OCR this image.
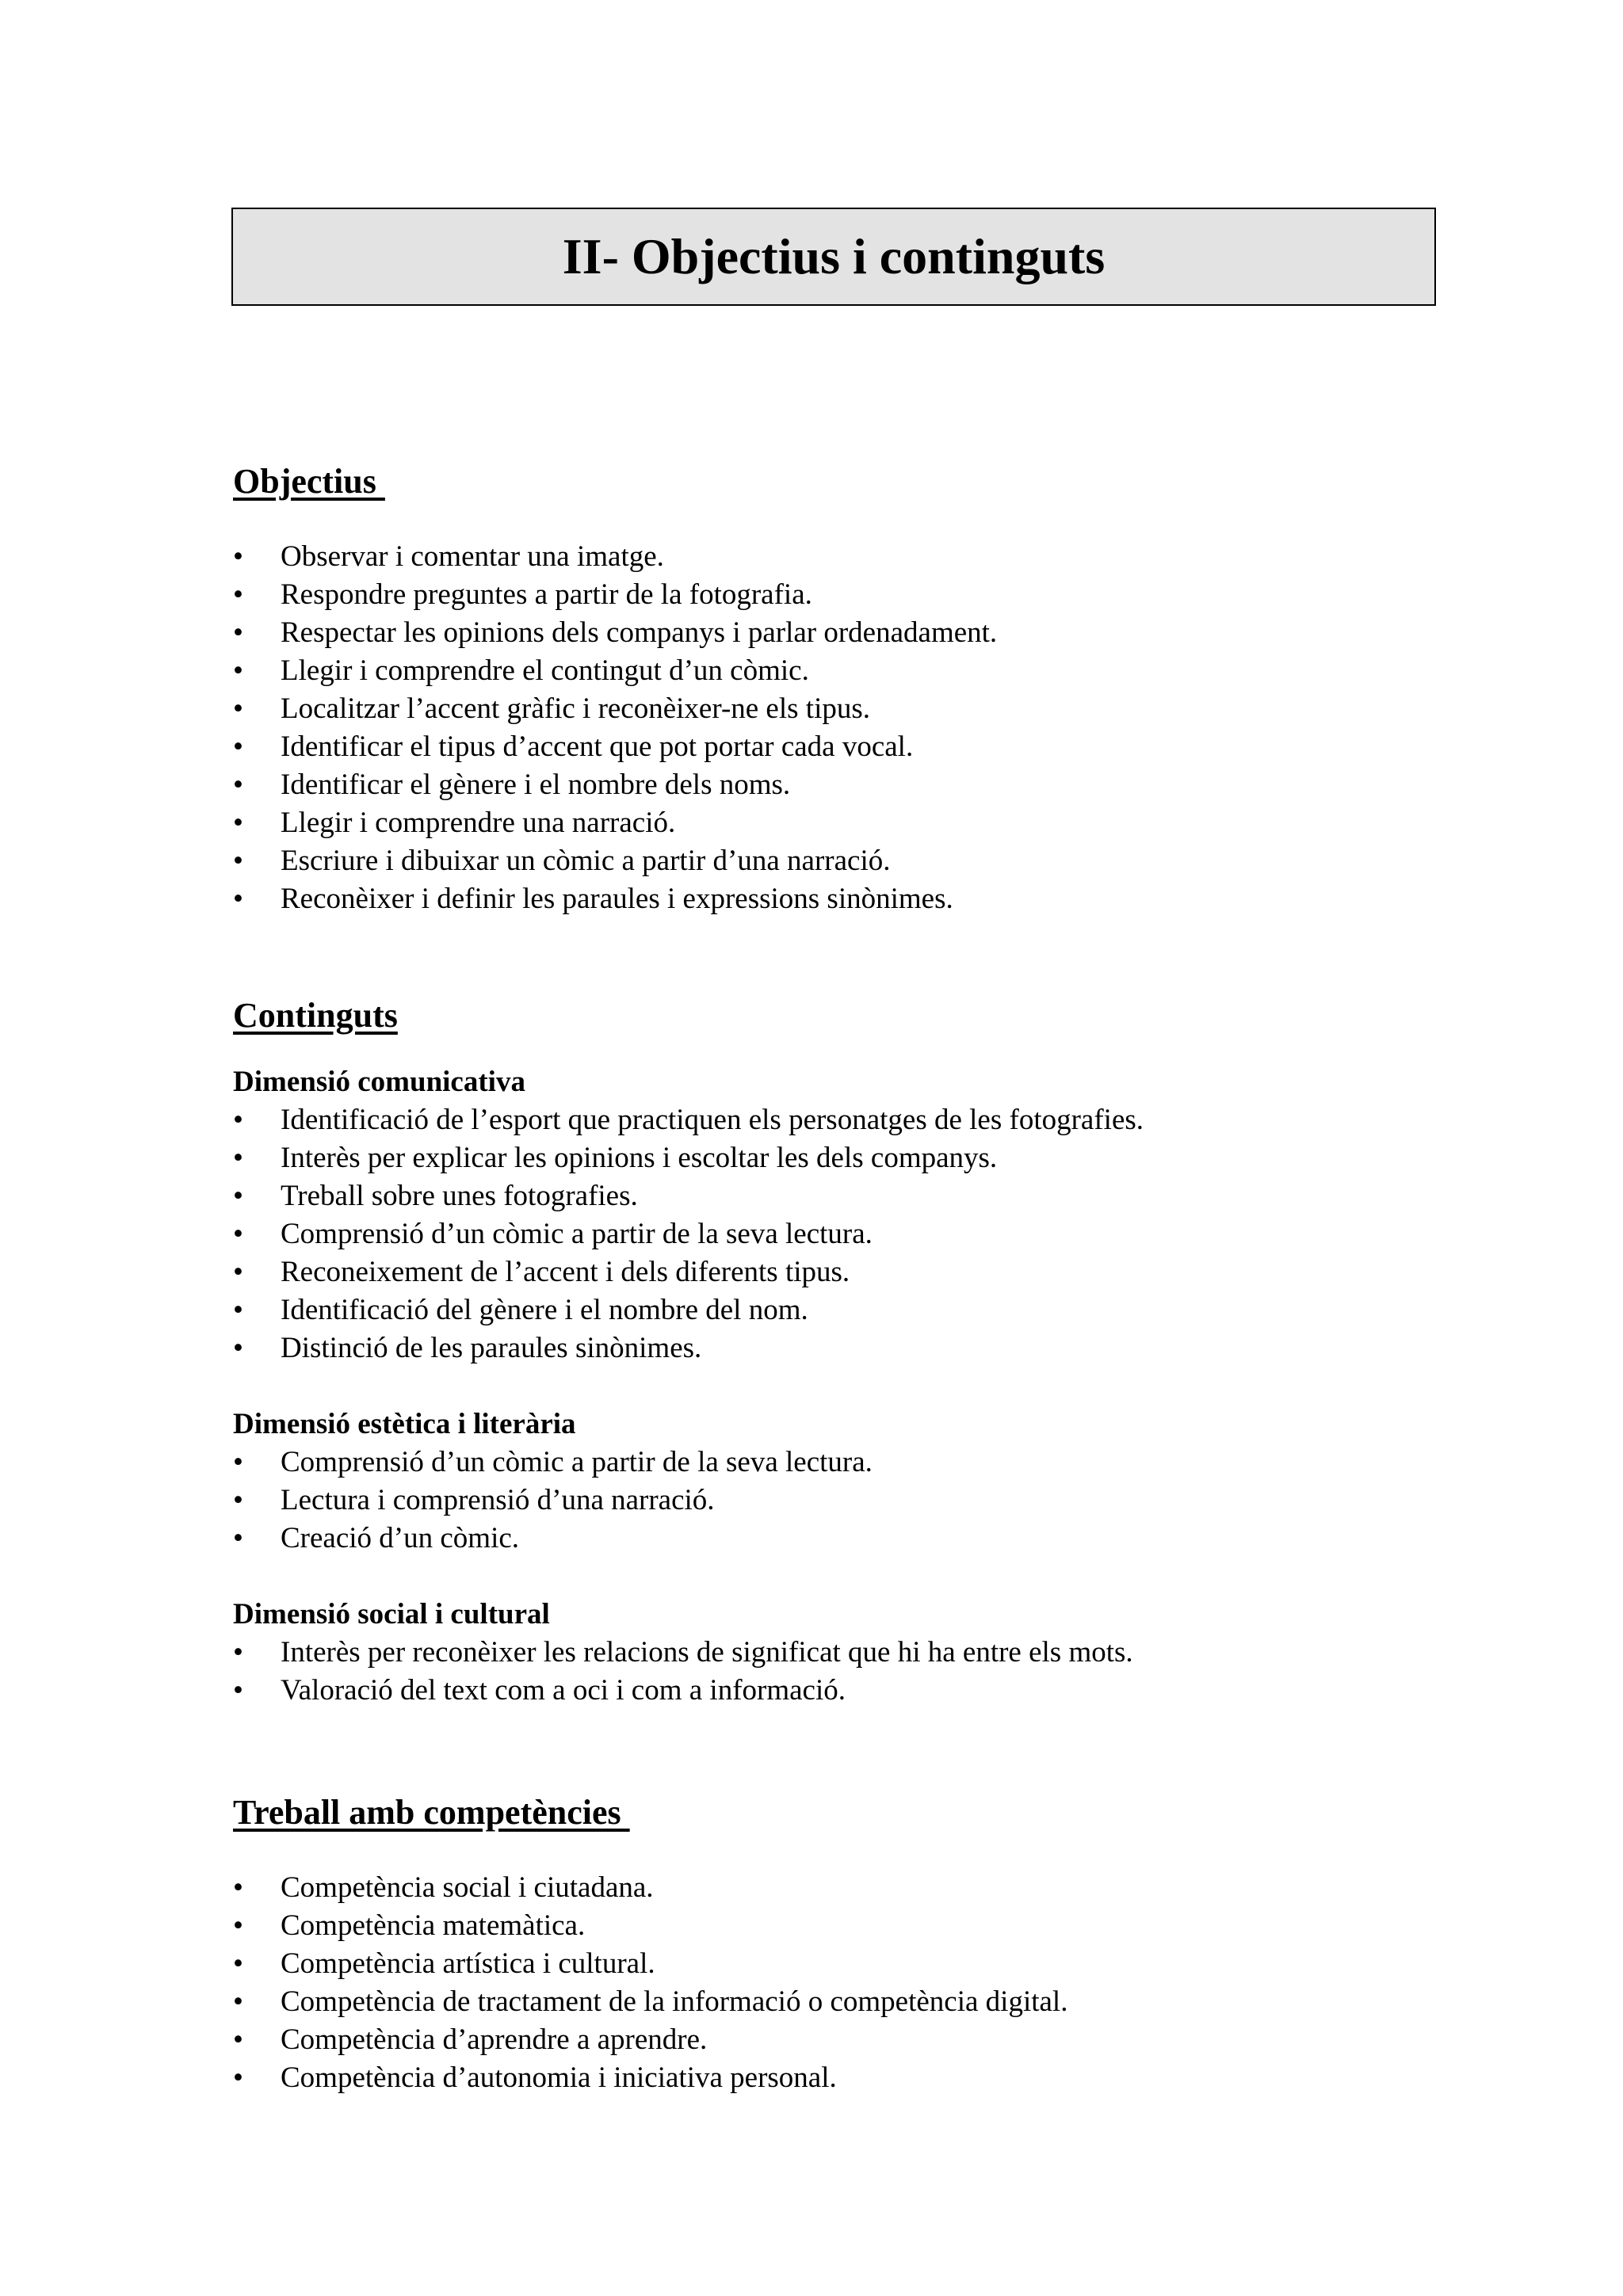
II- Objectius i continguts
Objectius
•	Observar i comentar una imatge.
•	Respondre preguntes a partir de la fotografia.
•	Respectar les opinions dels companys i parlar ordenadament.
•	Llegir i comprendre el contingut d’un còmic.
•	Localitzar l’accent gràfic i reconèixer-ne els tipus.
•	Identificar el tipus d’accent que pot portar cada vocal.
•	Identificar el gènere i el nombre dels noms.
•	Llegir i comprendre una narració.
•	Escriure i dibuixar un còmic a partir d’una narració.
•	Reconèixer i definir les paraules i expressions sinònimes.
Continguts

Dimensió comunicativa

•	Identificació de l’esport que practiquen els personatges de les fotografies.
•	Interès per explicar les opinions i escoltar les dels companys.
•	Treball sobre unes fotografies.
•	Comprensió d’un còmic a partir de la seva lectura.
•	Reconeixement de l’accent i dels diferents tipus.
•	Identificació del gènere i el nombre del nom.
•	Distinció de les paraules sinònimes.

Dimensió estètica i literària

•	Comprensió d’un còmic a partir de la seva lectura.
•	Lectura i comprensió d’una narració.
•	Creació d’un còmic.

Dimensió social i cultural

•	Interès per reconèixer les relacions de significat que hi ha entre els mots.
•	Valoració del text com a oci i com a informació.
Treball amb competències
•	Competència social i ciutadana.
•	Competència matemàtica.
•	Competència artística i cultural.
•	Competència de tractament de la informació o competència digital.
•	Competència d’aprendre a aprendre.
•	Competència d’autonomia i iniciativa personal.
